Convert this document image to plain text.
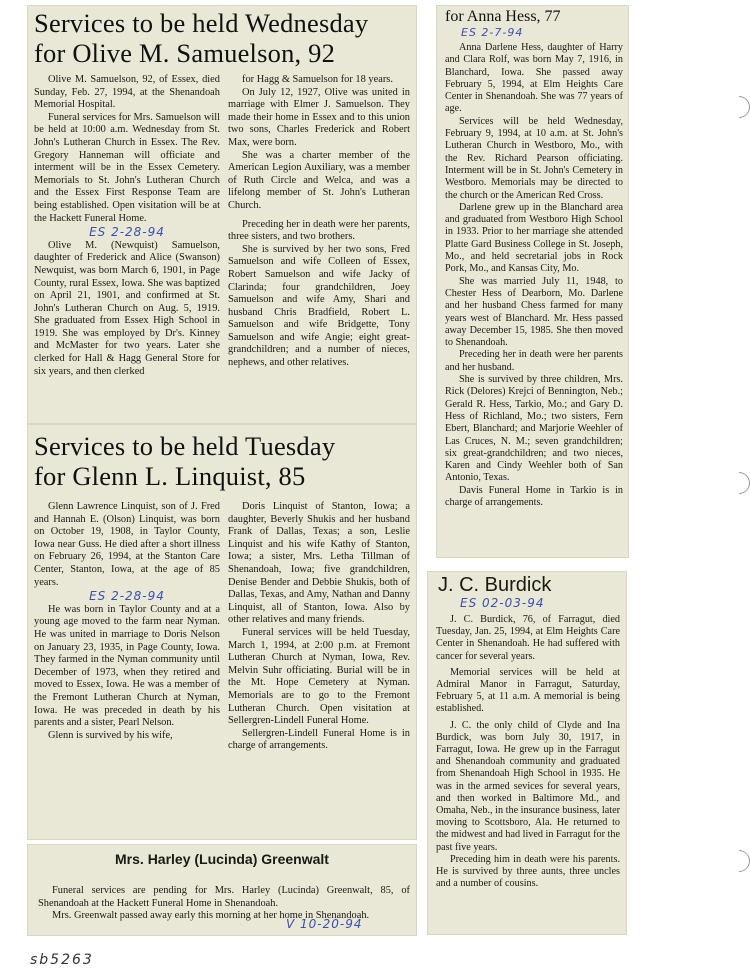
Services to be held Wednesday
for Olive M. Samuelson, 92

Olive M. Samuelson, 92, of Essex, died Sunday, Feb. 27, 1994, at the Shenandoah Memorial Hospital.

Funeral services for Mrs. Samuelson will be held at 10:00 a.m. Wednesday from St. John's Lutheran Church in Essex. The Rev. Gregory Hanneman will officiate and interment will be in the Essex Cemetery. Memorials to St. John's Lutheran Church and the Essex First Response Team are being established. Open visitation will be at the Hackett Funeral Home.

ES 2-28-94

Olive M. (Newquist) Samuelson, daughter of Frederick and Alice (Swanson) Newquist, was born March 6, 1901, in Page County, rural Essex, Iowa. She was baptized on April 21, 1901, and confirmed at St. John's Lutheran Church on Aug. 5, 1919. She graduated from Essex High School in 1919. She was employed by Dr's. Kinney and McMaster for two years. Later she clerked for Hall & Hagg General Store for six years, and then clerked

for Hagg & Samuelson for 18 years.

On July 12, 1927, Olive was united in marriage with Elmer J. Samuelson. They made their home in Essex and to this union two sons, Charles Frederick and Robert Max, were born.

She was a charter member of the American Legion Auxiliary, was a member of Ruth Circle and Welca, and was a lifelong member of St. John's Lutheran Church.

Preceding her in death were her parents, three sisters, and two brothers.

She is survived by her two sons, Fred Samuelson and wife Colleen of Essex, Robert Samuelson and wife Jacky of Clarinda; four grandchildren, Joey Samuelson and wife Amy, Shari and husband Chris Bradfield, Robert L. Samuelson and wife Bridgette, Tony Samuelson and wife Angie; eight great-grandchildren; and a number of nieces, nephews, and other relatives.

Services to be held Tuesday
for Glenn L. Linquist, 85

Glenn Lawrence Linquist, son of J. Fred and Hannah E. (Olson) Linquist, was born on October 19, 1908, in Taylor County, Iowa near Guss. He died after a short illness on February 26, 1994, at the Stanton Care Center, Stanton, Iowa, at the age of 85 years.

ES 2-28-94

He was born in Taylor County and at a young age moved to the farm near Nyman. He was united in marriage to Doris Nelson on January 23, 1935, in Page County, Iowa. They farmed in the Nyman community until December of 1973, when they retired and moved to Essex, Iowa. He was a member of the Fremont Lutheran Church at Nyman, Iowa. He was preceded in death by his parents and a sister, Pearl Nelson.

Glenn is survived by his wife,

Doris Linquist of Stanton, Iowa; a daughter, Beverly Shukis and her husband Frank of Dallas, Texas; a son, Leslie Linquist and his wife Kathy of Stanton, Iowa; a sister, Mrs. Letha Tillman of Shenandoah, Iowa; five grandchildren, Denise Bender and Debbie Shukis, both of Dallas, Texas, and Amy, Nathan and Danny Linquist, all of Stanton, Iowa. Also by other relatives and many friends.

Funeral services will be held Tuesday, March 1, 1994, at 2:00 p.m. at Fremont Lutheran Church at Nyman, Iowa, Rev. Melvin Suhr officiating. Burial will be in the Mt. Hope Cemetery at Nyman. Memorials are to go to the Fremont Lutheran Church. Open visitation at Sellergren-Lindell Funeral Home.

Sellergren-Lindell Funeral Home is in charge of arrangements.

Mrs. Harley (Lucinda) Greenwalt

Funeral services are pending for Mrs. Harley (Lucinda) Greenwalt, 85, of Shenandoah at the Hackett Funeral Home in Shenandoah.

Mrs. Greenwalt passed away early this morning at her home in Shenandoah.

V 10-20-94
for Anna Hess, 77
ES 2-7-94

Anna Darlene Hess, daughter of Harry and Clara Rolf, was born May 7, 1916, in Blanchard, Iowa. She passed away February 5, 1994, at Elm Heights Care Center in Shenandoah. She was 77 years of age.

Services will be held Wednesday, February 9, 1994, at 10 a.m. at St. John's Lutheran Church in Westboro, Mo., with the Rev. Richard Pearson officiating. Interment will be in St. John's Cemetery in Westboro. Memorials may be directed to the church or the American Red Cross.

Darlene grew up in the Blanchard area and graduated from Westboro High School in 1933. Prior to her marriage she attended Platte Gard Business College in St. Joseph, Mo., and held secretarial jobs in Rock Pork, Mo., and Kansas City, Mo.

She was married July 11, 1948, to Chester Hess of Dearborn, Mo. Darlene and her husband Chess farmed for many years west of Blanchard. Mr. Hess passed away December 15, 1985. She then moved to Shenandoah.

Preceding her in death were her parents and her husband.

She is survived by three children, Mrs. Rick (Delores) Krejci of Bennington, Neb.; Gerald R. Hess, Tarkio, Mo.; and Gary D. Hess of Richland, Mo.; two sisters, Fern Ebert, Blanchard; and Marjorie Weehler of Las Cruces, N. M.; seven grandchildren; six great-grandchildren; and two nieces, Karen and Cindy Weehler both of San Antonio, Texas.

Davis Funeral Home in Tarkio is in charge of arrangements.

J. C. Burdick
ES 02-03-94

J. C. Burdick, 76, of Farragut, died Tuesday, Jan. 25, 1994, at Elm Heights Care Center in Shenandoah. He had suffered with cancer for several years.

Memorial services will be held at Admiral Manor in Farragut, Saturday, February 5, at 11 a.m. A memorial is being established.

J. C. the only child of Clyde and Ina Burdick, was born July 30, 1917, in Farragut, Iowa. He grew up in the Farragut and Shenandoah community and graduated from Shenandoah High School in 1935. He was in the armed sevices for several years, and then worked in Baltimore Md., and Omaha, Neb., in the insurance business, later moving to Scottsboro, Ala. He returned to the midwest and had lived in Farragut for the past five years.

Preceding him in death were his parents. He is survived by three aunts, three uncles and a number of cousins.

sb5263
